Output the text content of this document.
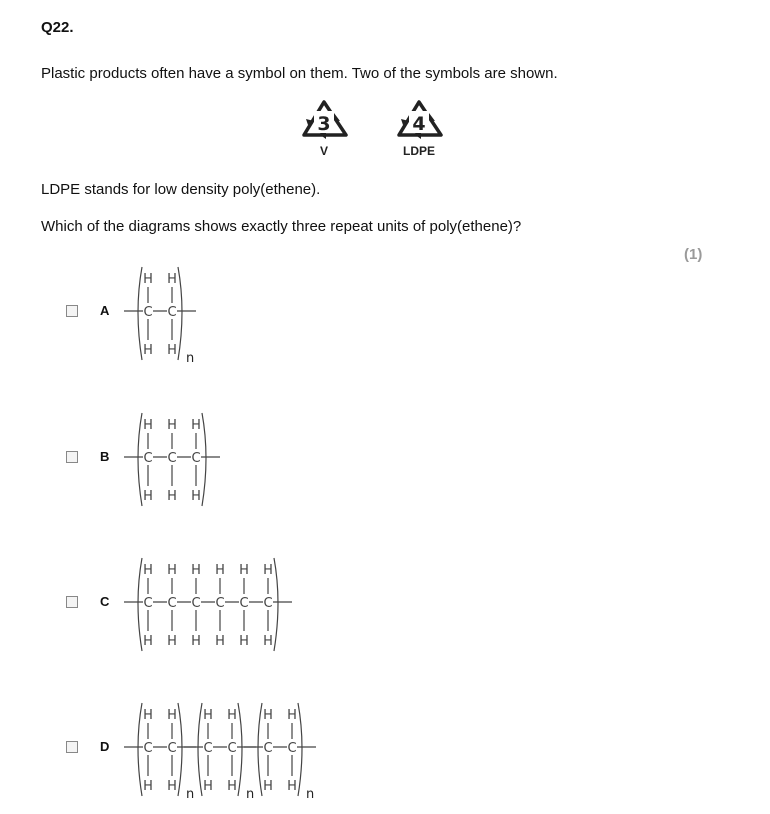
Q22.
Plastic products often have a symbol on them. Two of the symbols are shown.
3
V
4
LDPE
LDPE stands for low density poly(ethene).
Which of the diagrams shows exactly three repeat units of poly(ethene)?
(1)
A	C
H
H
C
H
H
n
B	C
H
H
C
H
H
C
H
H
C	C
H
H
C
H
H
C
H
H
C
H
H
C
H
H
C
H
H
D	C
H
H
C
H
H
n
C
H
H
C
H
H
n
C
H
H
C
H
H
n
